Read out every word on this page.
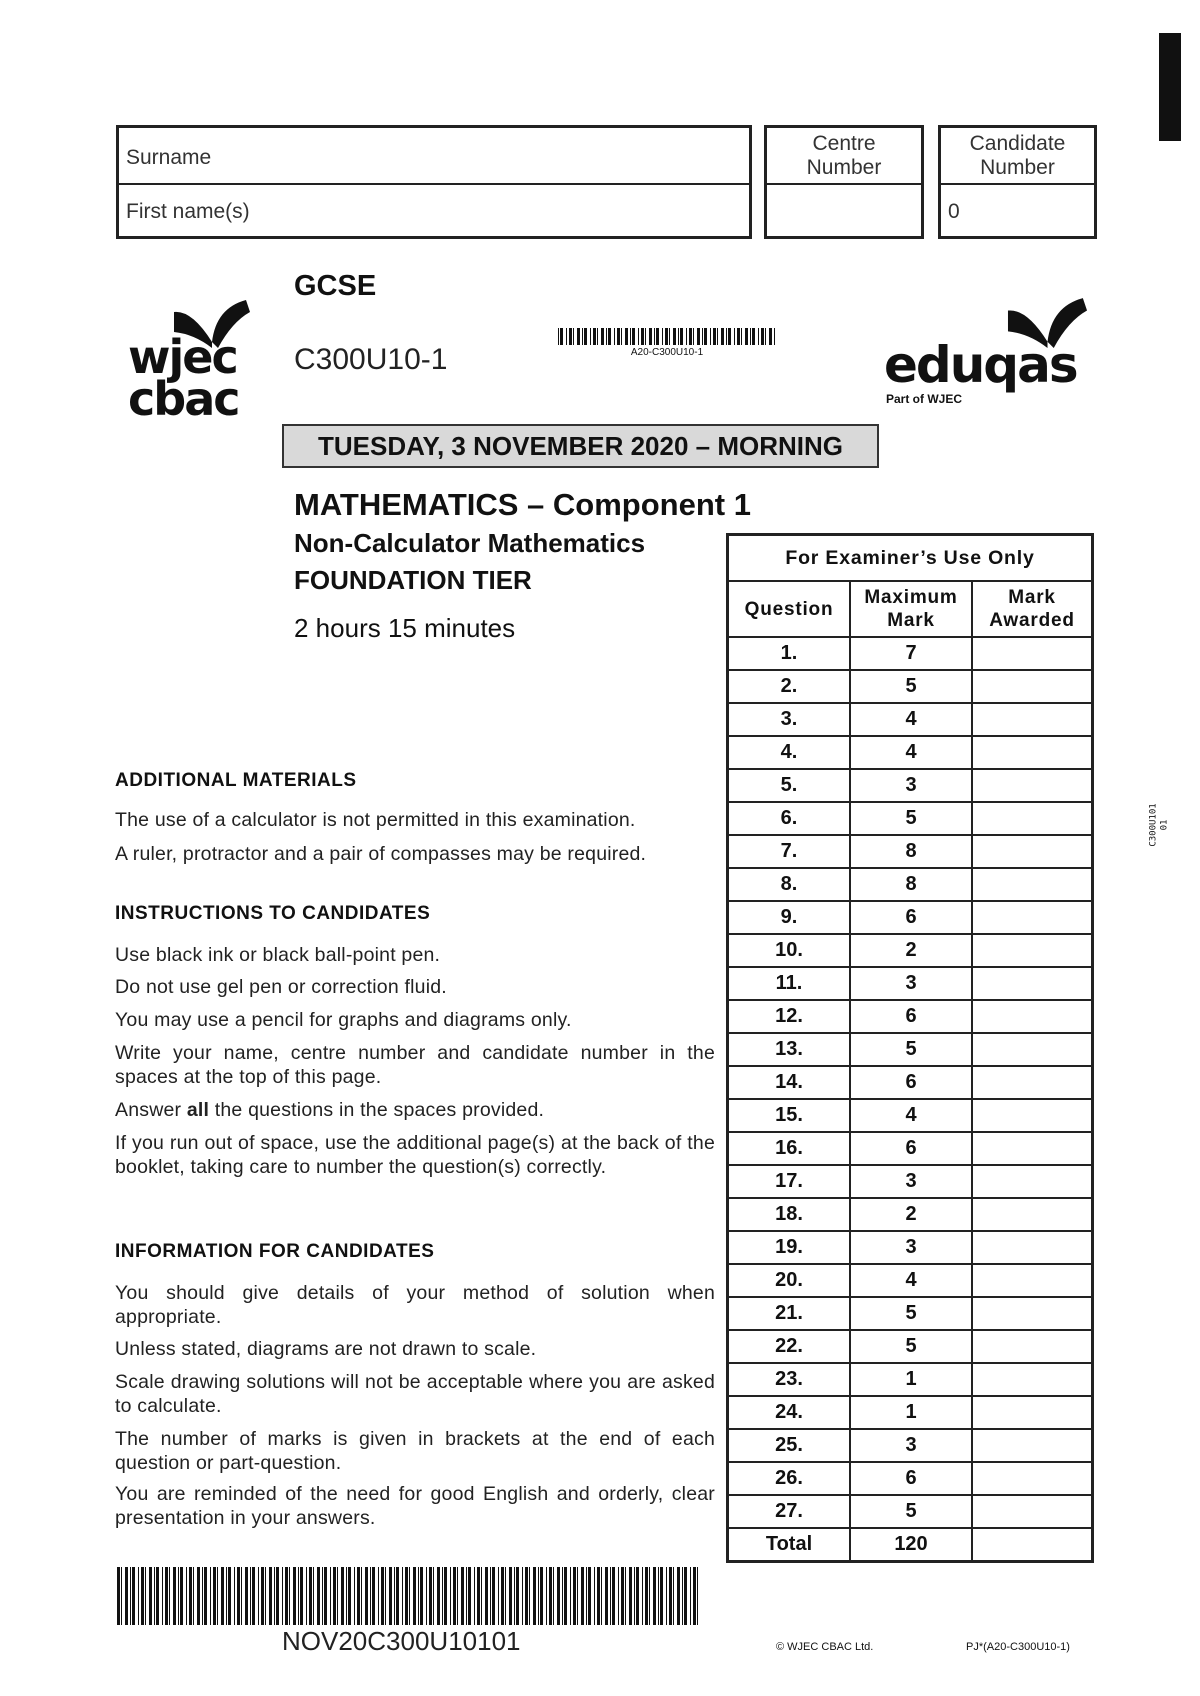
Surname
First name(s)
Centre Number
Candidate Number
0
wjec
cbac
GCSE
C300U10-1	A20-C300U10-1	eduqas
Part of WJEC
TUESDAY, 3 NOVEMBER 2020 – MORNING
MATHEMATICS – Component 1
Non-Calculator Mathematics
FOUNDATION TIER
2 hours 15 minutes
ADDITIONAL MATERIALS
The use of a calculator is not permitted in this examination.
A ruler, protractor and a pair of compasses may be required.
INSTRUCTIONS TO CANDIDATES
Use black ink or black ball-point pen.
Do not use gel pen or correction fluid.
You may use a pencil for graphs and diagrams only.
Write your name, centre number and candidate number in the spaces at the top of this page.
Answer all the questions in the spaces provided.
If you run out of space, use the additional page(s) at the back of the booklet, taking care to number the question(s) correctly.
INFORMATION FOR CANDIDATES
You should give details of your method of solution when appropriate.
Unless stated, diagrams are not drawn to scale.
Scale drawing solutions will not be acceptable where you are asked to calculate.
The number of marks is given in brackets at the end of each question or part-question.
You are reminded of the need for good English and orderly, clear presentation in your answers.
For Examiner’s Use Only		
Question	Maximum Mark	Mark Awarded
1.	7	
2.	5	
3.	4	
4.	4	
5.	3	
6.	5	
7.	8	
8.	8	
9.	6	
10.	2	
11.	3	
12.	6	
13.	5	
14.	6	
15.	4	
16.	6	
17.	3	
18.	2	
19.	3	
20.	4	
21.	5	
22.	5	
23.	1	
24.	1	
25.	3	
26.	6	
27.	5	
Total	120	
C300U101 01
NOV20C300U10101	© WJEC CBAC Ltd.	PJ*(A20-C300U10-1)
